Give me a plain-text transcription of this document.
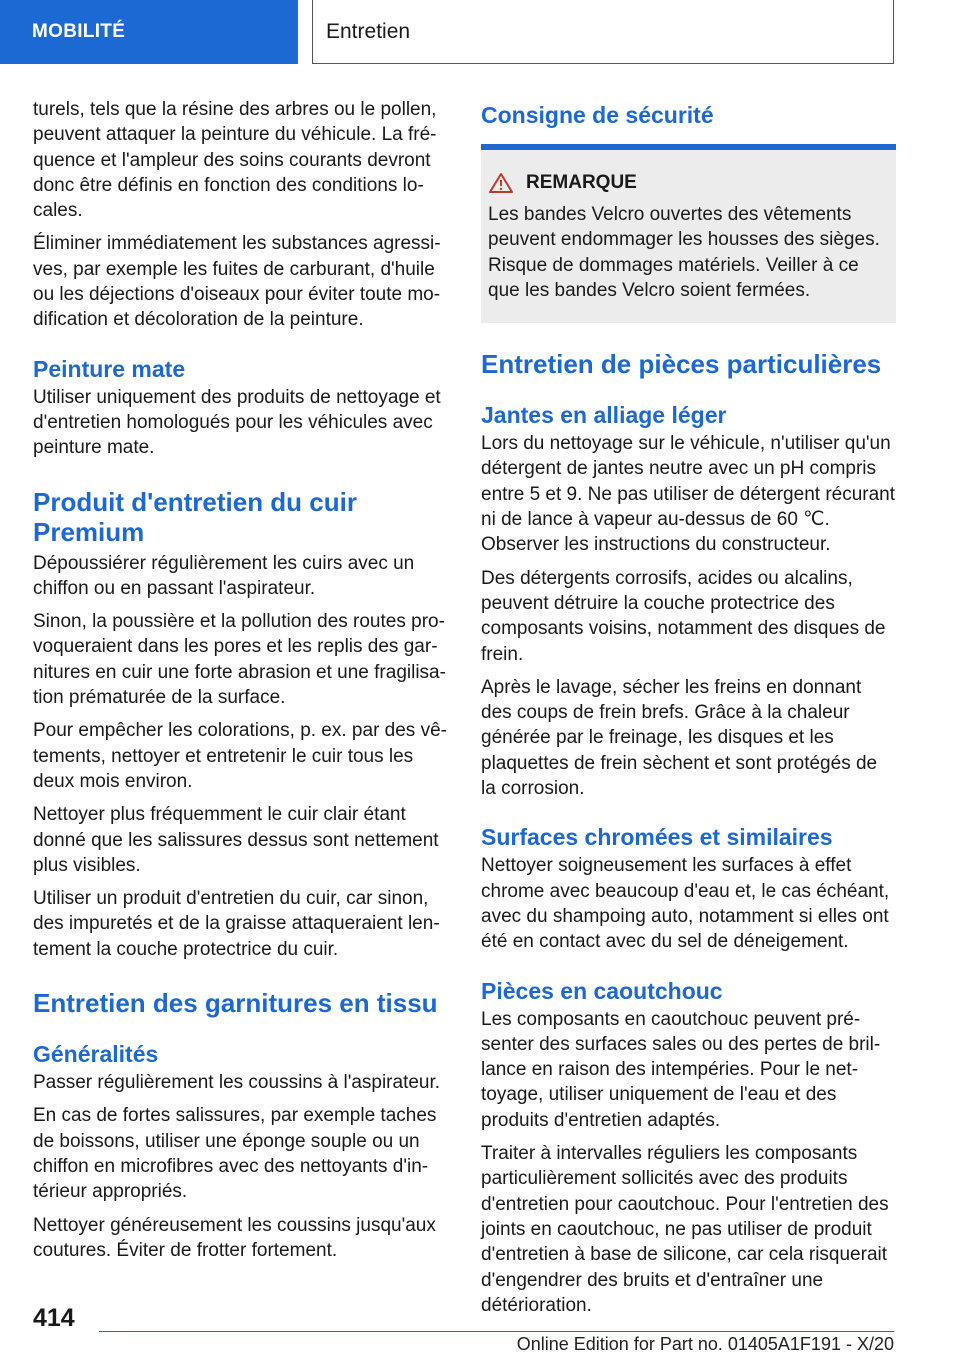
MOBILITÉ	Entretien

turels, tels que la résine des arbres ou le pollen, peuvent attaquer la peinture du véhicule. La fréquence et l'ampleur des soins courants devront donc être définis en fonction des conditions locales.

Éliminer immédiatement les substances agressives, par exemple les fuites de carburant, d'huile ou les déjections d'oiseaux pour éviter toute modification et décoloration de la peinture.

Peinture mate

Utiliser uniquement des produits de nettoyage et d'entretien homologués pour les véhicules avec peinture mate.

Produit d'entretien du cuir Premium

Dépoussiérer régulièrement les cuirs avec un chiffon ou en passant l'aspirateur.

Sinon, la poussière et la pollution des routes provoqueraient dans les pores et les replis des garnitures en cuir une forte abrasion et une fragilisation prématurée de la surface.

Pour empêcher les colorations, p. ex. par des vêtements, nettoyer et entretenir le cuir tous les deux mois environ.

Nettoyer plus fréquemment le cuir clair étant donné que les salissures dessus sont nettement plus visibles.

Utiliser un produit d'entretien du cuir, car sinon, des impuretés et de la graisse attaqueraient lentement la couche protectrice du cuir.

Entretien des garnitures en tissu
Généralités

Passer régulièrement les coussins à l'aspirateur.

En cas de fortes salissures, par exemple taches de boissons, utiliser une éponge souple ou un chiffon en microfibres avec des nettoyants d'intérieur appropriés.

Nettoyer généreusement les coussins jusqu'aux coutures. Éviter de frotter fortement.

Consigne de sécurité
REMARQUE

Les bandes Velcro ouvertes des vêtements peuvent endommager les housses des sièges. Risque de dommages matériels. Veiller à ce que les bandes Velcro soient fermées.

Entretien de pièces particulières
Jantes en alliage léger

Lors du nettoyage sur le véhicule, n'utiliser qu'un détergent de jantes neutre avec un pH compris entre 5 et 9. Ne pas utiliser de détergent récurant ni de lance à vapeur au-dessus de 60 ℃. Observer les instructions du constructeur.

Des détergents corrosifs, acides ou alcalins, peuvent détruire la couche protectrice des composants voisins, notamment des disques de frein.

Après le lavage, sécher les freins en donnant des coups de frein brefs. Grâce à la chaleur générée par le freinage, les disques et les plaquettes de frein sèchent et sont protégés de la corrosion.

Surfaces chromées et similaires

Nettoyer soigneusement les surfaces à effet chrome avec beaucoup d'eau et, le cas échéant, avec du shampoing auto, notamment si elles ont été en contact avec du sel de déneigement.

Pièces en caoutchouc

Les composants en caoutchouc peuvent présenter des surfaces sales ou des pertes de brillance en raison des intempéries. Pour le nettoyage, utiliser uniquement de l'eau et des produits d'entretien adaptés.

Traiter à intervalles réguliers les composants particulièrement sollicités avec des produits d'entretien pour caoutchouc. Pour l'entretien des joints en caoutchouc, ne pas utiliser de produit d'entretien à base de silicone, car cela risquerait d'engendrer des bruits et d'entraîner une détérioration.

414
Online Edition for Part no. 01405A1F191 - X/20
